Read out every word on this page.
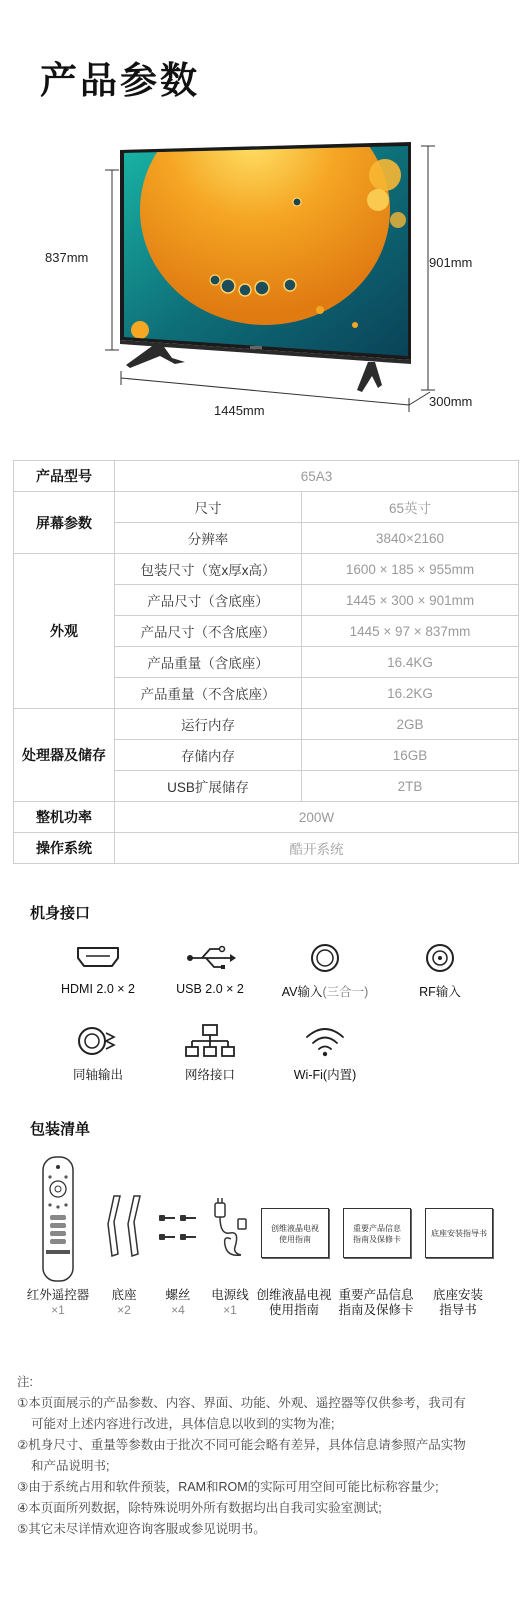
产品参数
837mm	901mm
1445mm
300mm
产品型号	65A3	
屏幕参数	尺寸	65英寸
	分辨率	3840×2160
外观	包装尺寸（宽x厚x高）	1600 × 185 × 955mm
	产品尺寸（含底座）	1445 × 300 × 901mm
	产品尺寸（不含底座）	1445 × 97 × 837mm
	产品重量（含底座）	16.4KG
	产品重量（不含底座）	16.2KG
处理器及储存	运行内存	2GB
	存储内存	16GB
	USB扩展储存	2TB
整机功率	200W	
操作系统	酷开系统	
机身接口
HDMI 2.0 × 2	USB 2.0 × 2	AV输入(三合一)	RF输入
同轴输出	网络接口	Wi-Fi(内置)
包装清单
创维液晶电视
使用指南
重要产品信息
指南及保修卡
底座安装指导书
红外遥控器
×1
底座
×2
螺丝
×4
电源线
×1
创维液晶电视
使用指南
重要产品信息
指南及保修卡
底座安装
指导书
注:
①本页面展示的产品参数、内容、界面、功能、外观、遥控器等仅供参考，我司有
可能对上述内容进行改进，具体信息以收到的实物为准;
②机身尺寸、重量等参数由于批次不同可能会略有差异，具体信息请参照产品实物
和产品说明书;
③由于系统占用和软件预装，RAM和ROM的实际可用空间可能比标称容量少;
④本页面所列数据，除特殊说明外所有数据均出自我司实验室测试;
⑤其它未尽详情欢迎咨询客服或参见说明书。
